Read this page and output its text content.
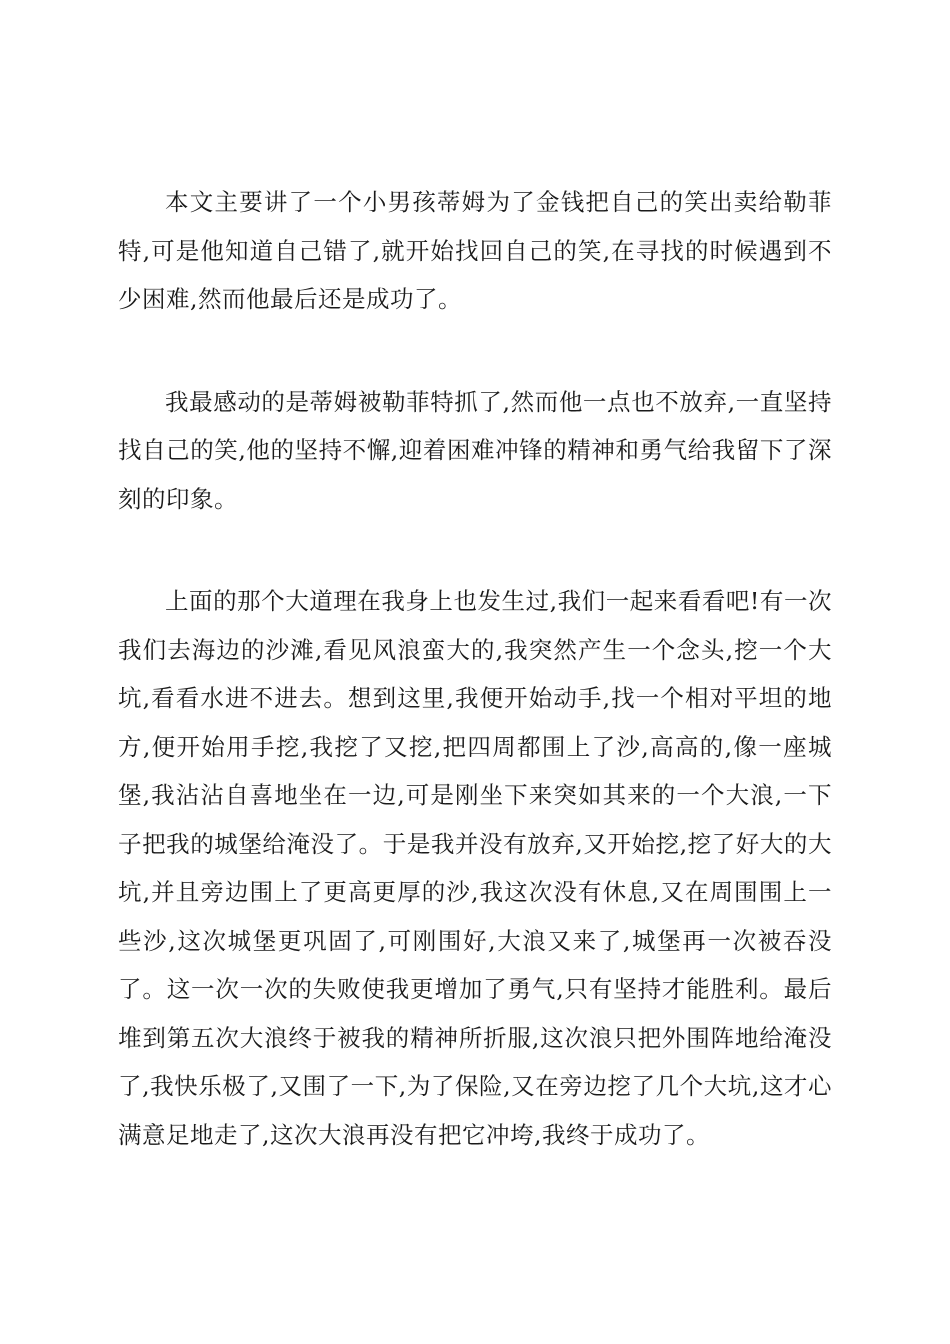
本文主要讲了一个小男孩蒂姆为了金钱把自己的笑出卖给勒菲特,可是他知道自己错了,就开始找回自己的笑,在寻找的时候遇到不少困难,然而他最后还是成功了。

我最感动的是蒂姆被勒菲特抓了,然而他一点也不放弃,一直坚持找自己的笑,他的坚持不懈,迎着困难冲锋的精神和勇气给我留下了深刻的印象。

上面的那个大道理在我身上也发生过,我们一起来看看吧!有一次我们去海边的沙滩,看见风浪蛮大的,我突然产生一个念头,挖一个大坑,看看水进不进去。想到这里,我便开始动手,找一个相对平坦的地方,便开始用手挖,我挖了又挖,把四周都围上了沙,高高的,像一座城堡,我沾沾自喜地坐在一边,可是刚坐下来突如其来的一个大浪,一下子把我的城堡给淹没了。于是我并没有放弃,又开始挖,挖了好大的大坑,并且旁边围上了更高更厚的沙,我这次没有休息,又在周围围上一些沙,这次城堡更巩固了,可刚围好,大浪又来了,城堡再一次被吞没了。这一次一次的失败使我更增加了勇气,只有坚持才能胜利。最后堆到第五次大浪终于被我的精神所折服,这次浪只把外围阵地给淹没了,我快乐极了,又围了一下,为了保险,又在旁边挖了几个大坑,这才心满意足地走了,这次大浪再没有把它冲垮,我终于成功了。
